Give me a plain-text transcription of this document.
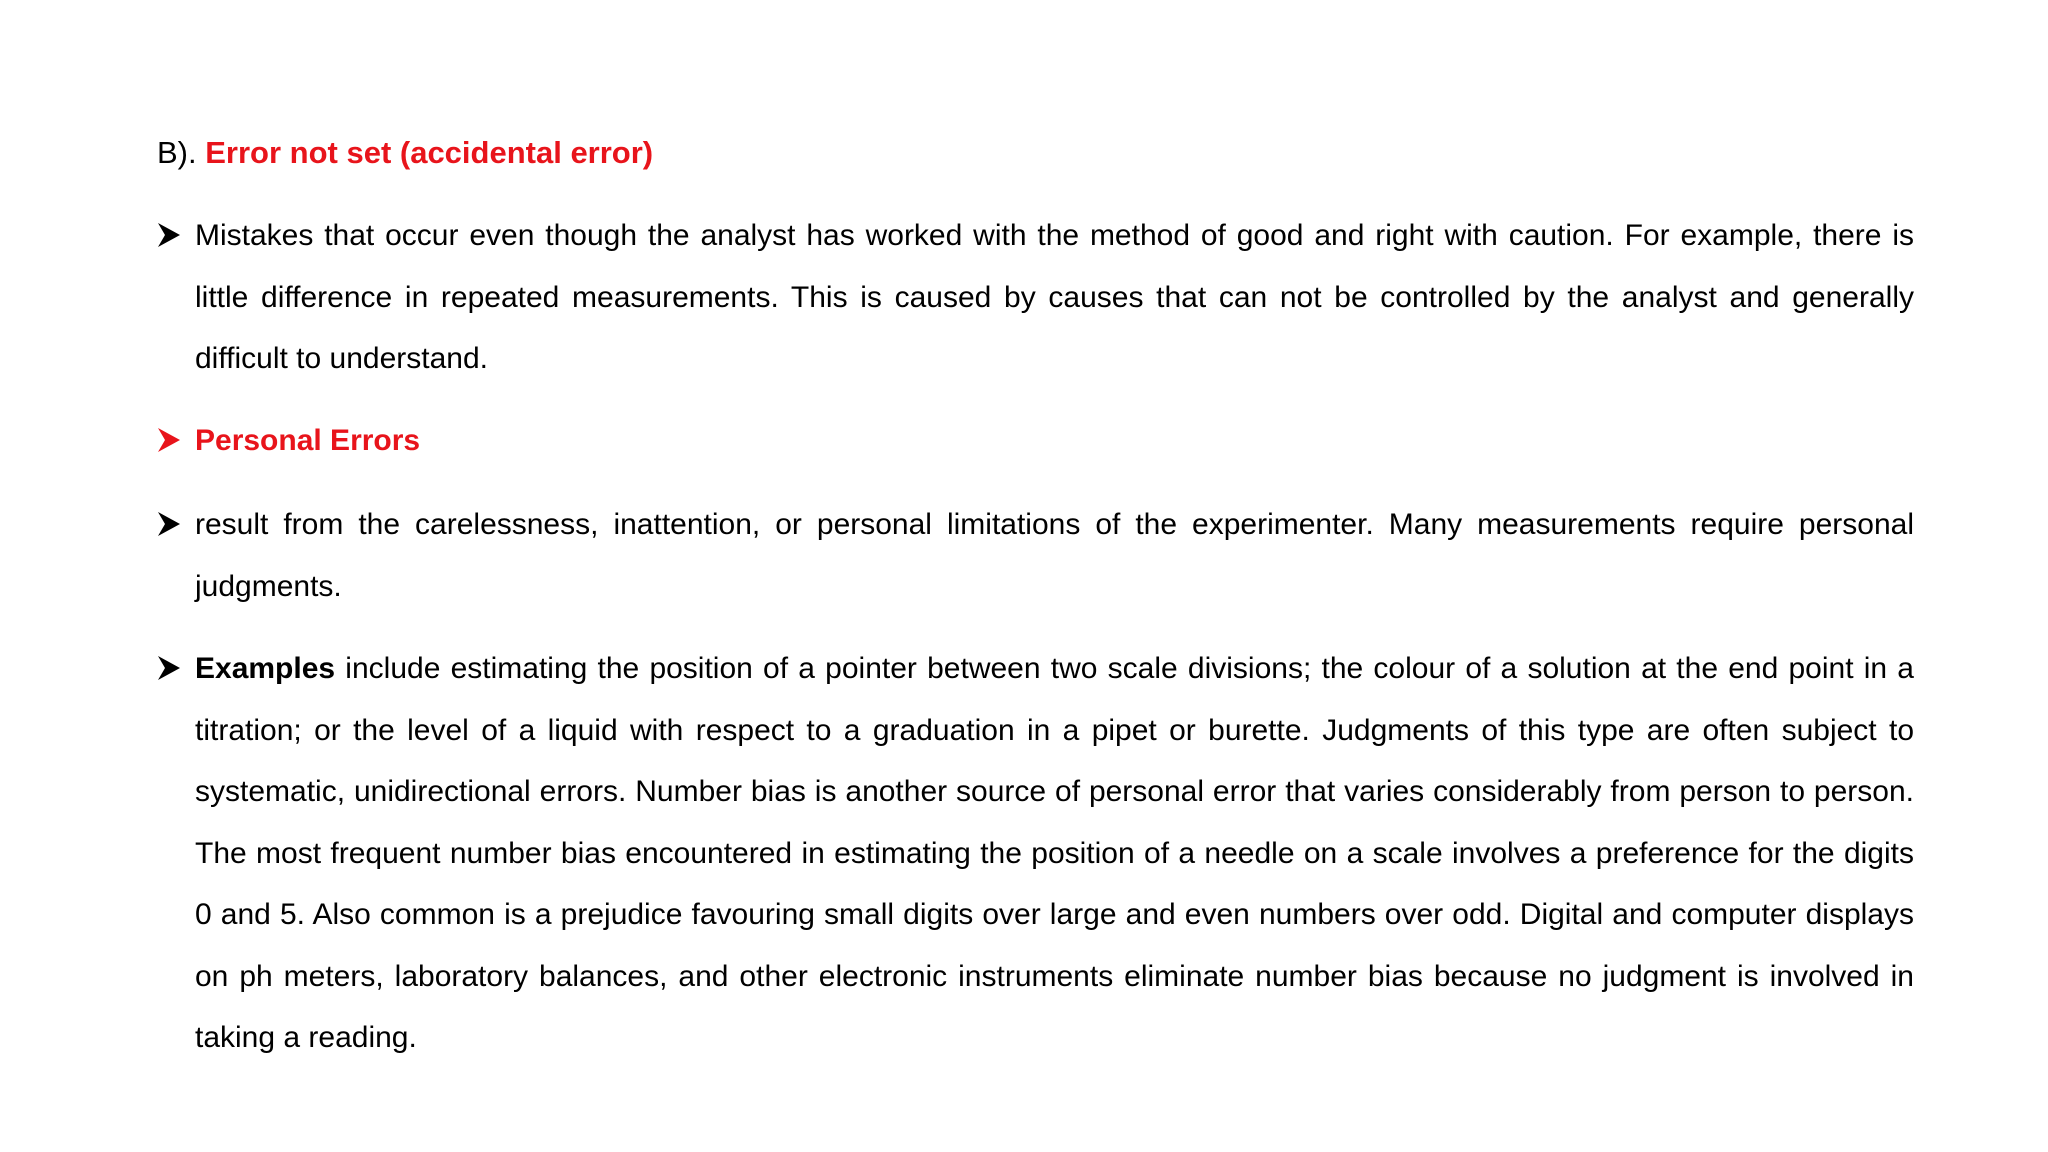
B). Error not set (accidental error)
Mistakes that occur even though the analyst has worked with the method of good and right with caution. For example, there is little difference in repeated measurements. This is caused by causes that can not be controlled by the analyst and generally difficult to understand.
Personal Errors
result from the carelessness, inattention, or personal limitations of the experimenter. Many measurements require personal judgments.
Examples include estimating the position of a pointer between two scale divisions; the colour of a solution at the end point in a titration; or the level of a liquid with respect to a graduation in a pipet or burette. Judgments of this type are often subject to systematic, unidirectional errors. Number bias is another source of personal error that varies considerably from person to person. The most frequent number bias encountered in estimating the position of a needle on a scale involves a preference for the digits 0 and 5. Also common is a prejudice favouring small digits over large and even numbers over odd. Digital and computer displays on ph meters, laboratory balances, and other electronic instruments eliminate number bias because no judgment is involved in taking a reading.
